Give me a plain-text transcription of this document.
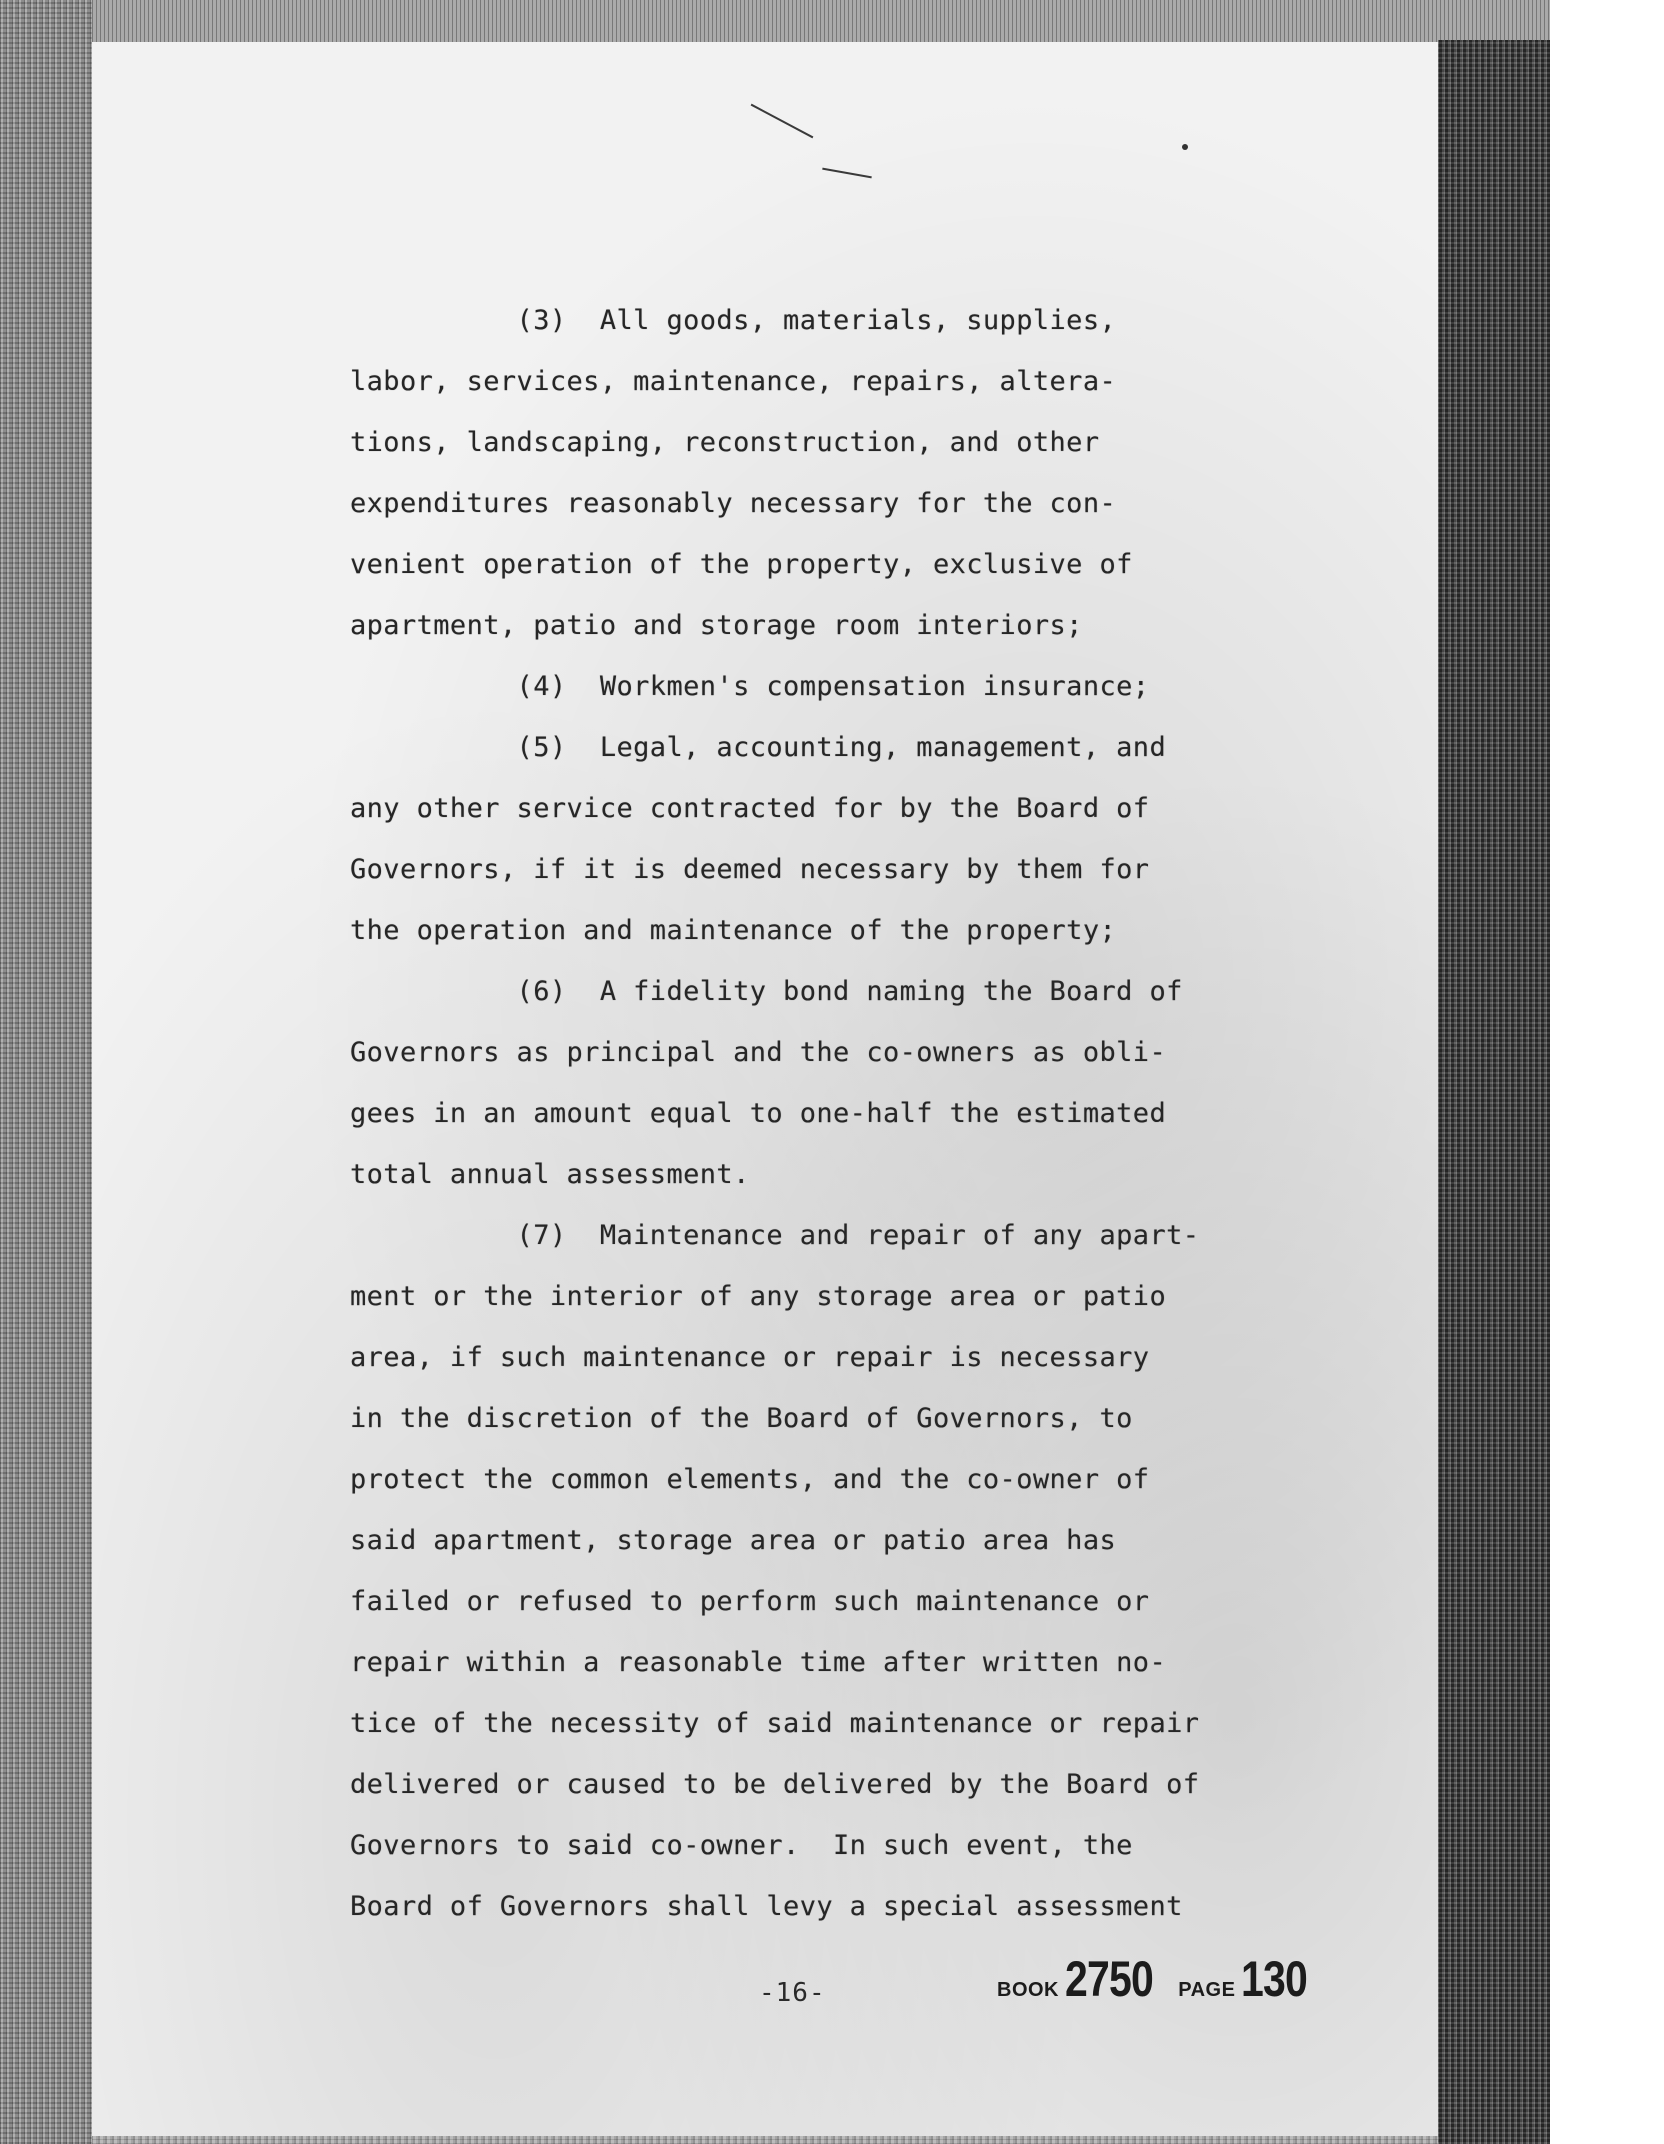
(3)  All goods, materials, supplies,
labor, services, maintenance, repairs, altera-
tions, landscaping, reconstruction, and other
expenditures reasonably necessary for the con-
venient operation of the property, exclusive of
apartment, patio and storage room interiors;
(4)  Workmen's compensation insurance;
(5)  Legal, accounting, management, and
any other service contracted for by the Board of
Governors, if it is deemed necessary by them for
the operation and maintenance of the property;
(6)  A fidelity bond naming the Board of
Governors as principal and the co-owners as obli-
gees in an amount equal to one-half the estimated
total annual assessment.
(7)  Maintenance and repair of any apart-
ment or the interior of any storage area or patio
area, if such maintenance or repair is necessary
in the discretion of the Board of Governors, to
protect the common elements, and the co-owner of
said apartment, storage area or patio area has
failed or refused to perform such maintenance or
repair within a reasonable time after written no-
tice of the necessity of said maintenance or repair
delivered or caused to be delivered by the Board of
Governors to said co-owner.  In such event, the
Board of Governors shall levy a special assessment
-16-	BOOK 2750 PAGE 130
